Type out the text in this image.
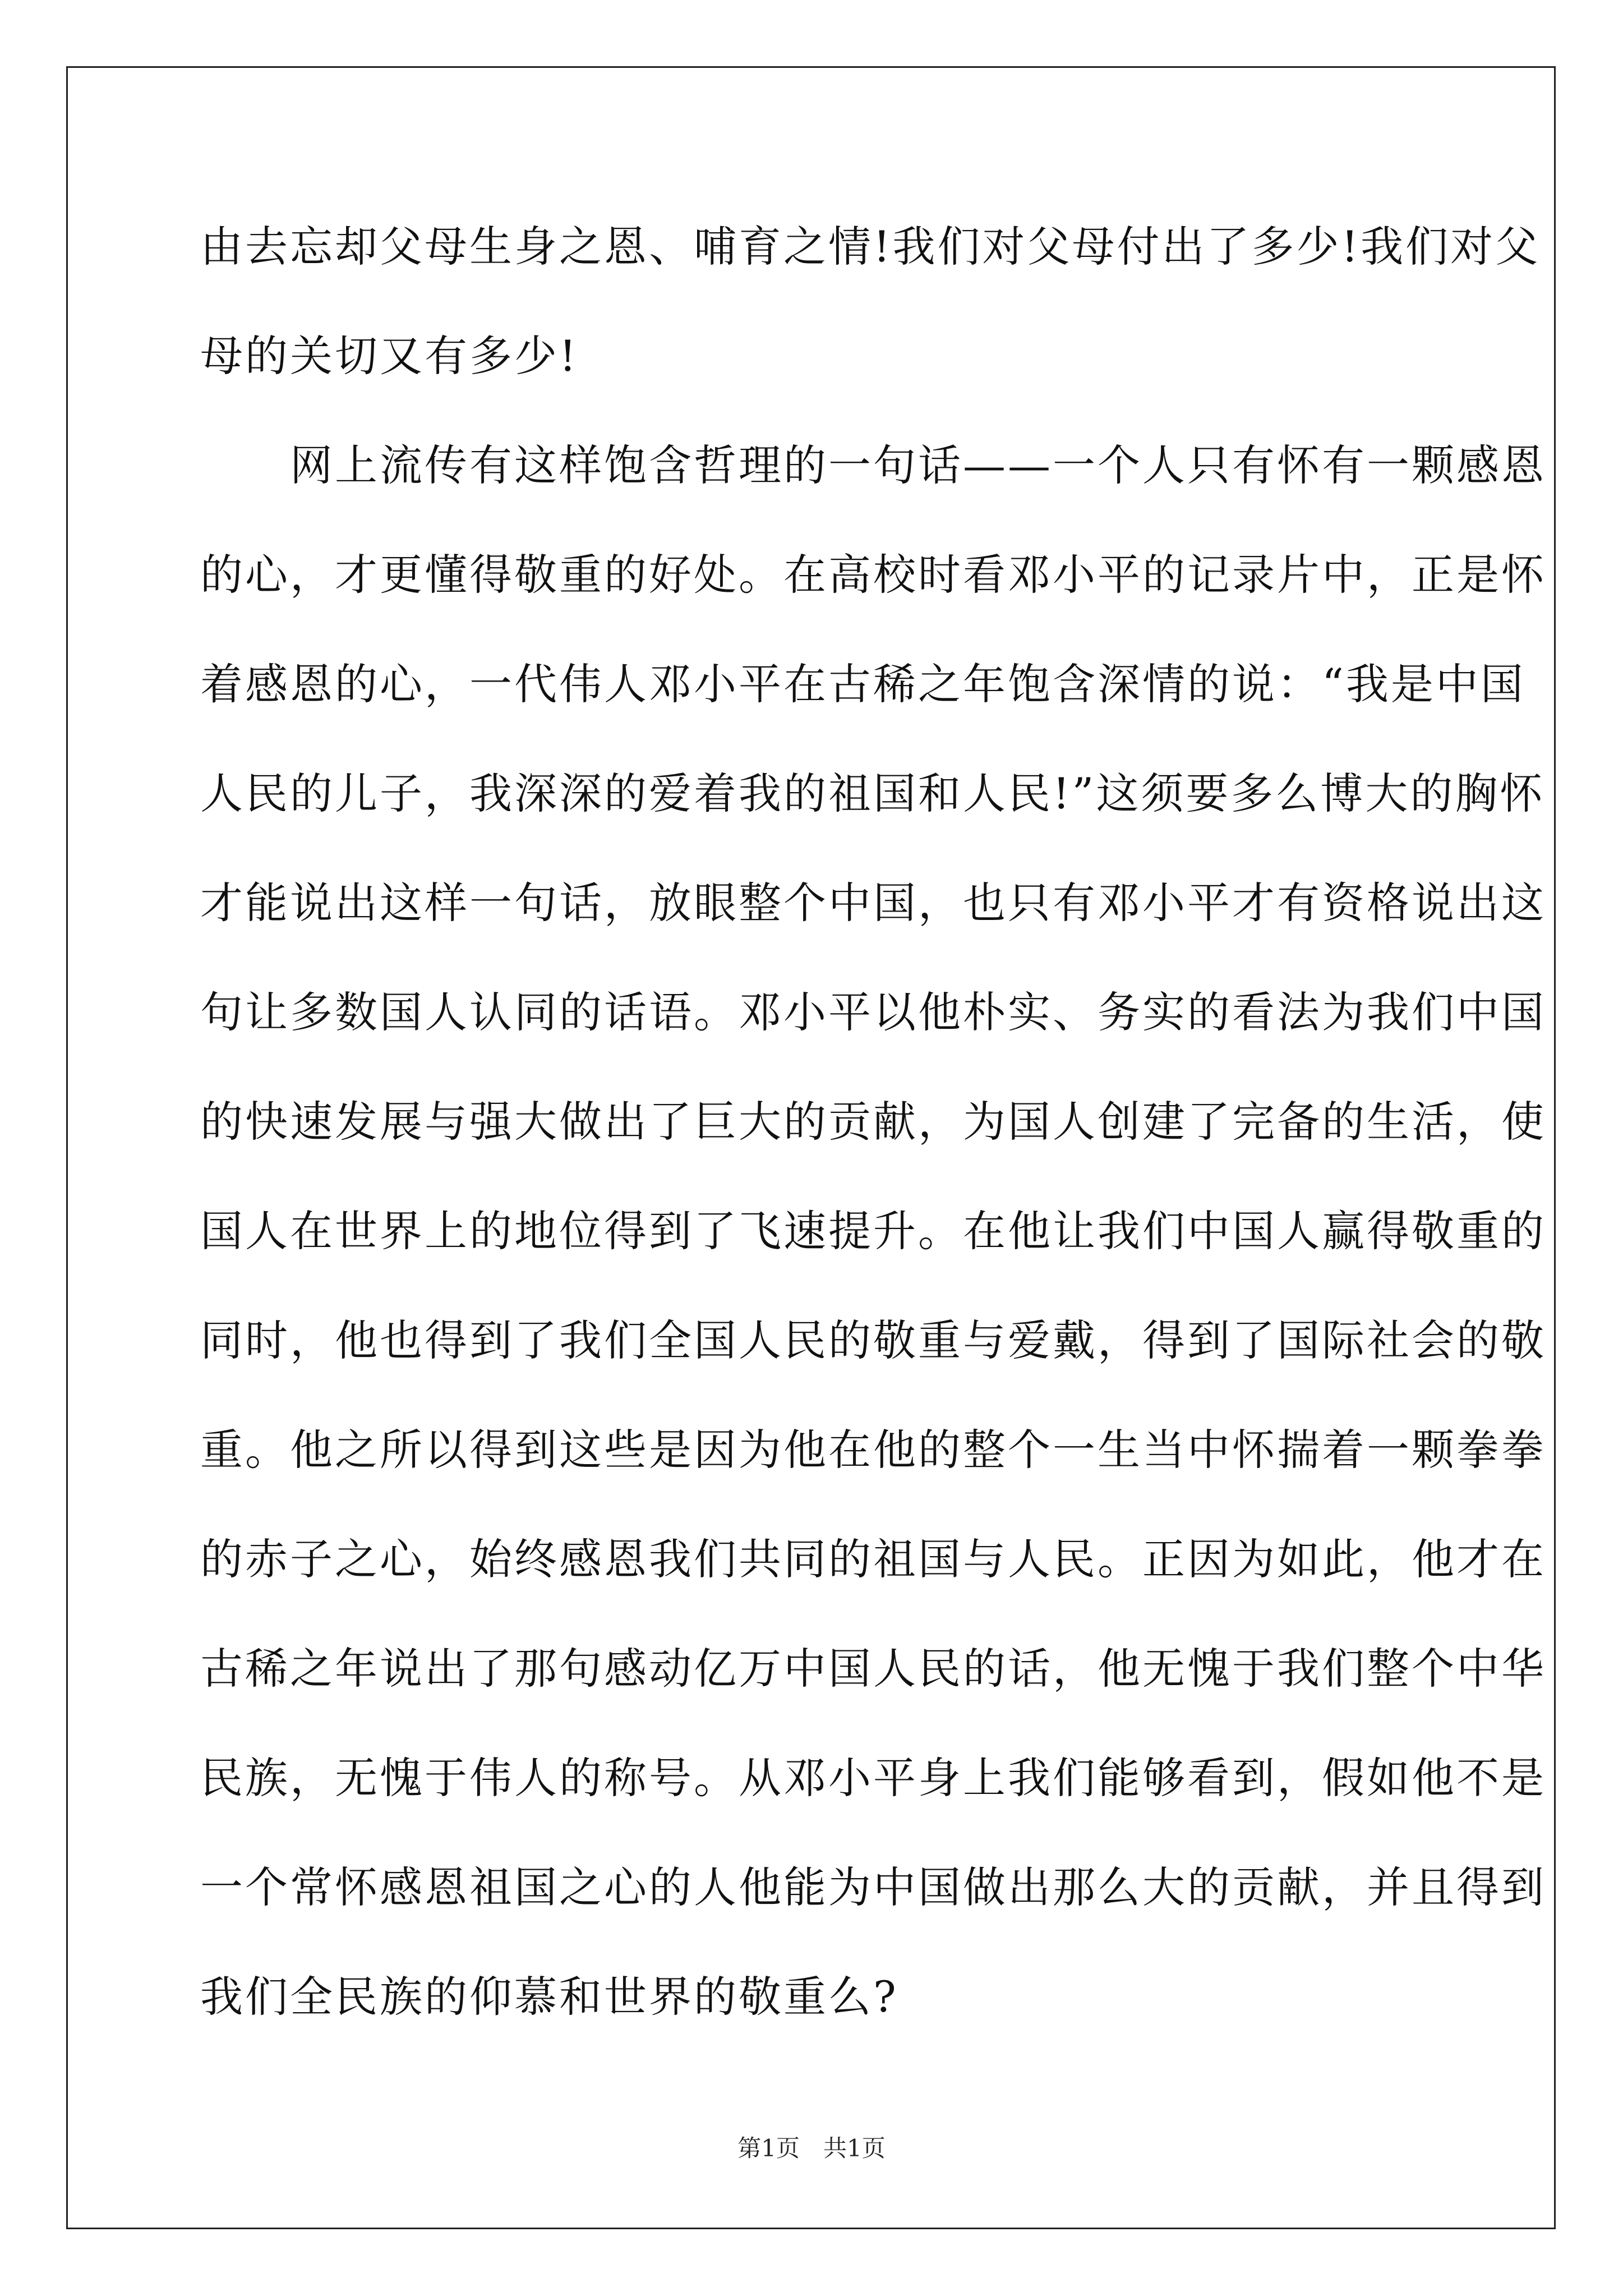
由去忘却父母生身之恩、哺育之情!我们对父母付出了多少!我们对父
母的关切又有多少!
　　网上流传有这样饱含哲理的一句话——一个人只有怀有一颗感恩
的心，才更懂得敬重的好处。在高校时看邓小平的记录片中，正是怀
着感恩的心，一代伟人邓小平在古稀之年饱含深情的说：“我是中国
人民的儿子，我深深的爱着我的祖国和人民!”这须要多么博大的胸怀
才能说出这样一句话，放眼整个中国，也只有邓小平才有资格说出这
句让多数国人认同的话语。邓小平以他朴实、务实的看法为我们中国
的快速发展与强大做出了巨大的贡献，为国人创建了完备的生活，使
国人在世界上的地位得到了飞速提升。在他让我们中国人赢得敬重的
同时，他也得到了我们全国人民的敬重与爱戴，得到了国际社会的敬
重。他之所以得到这些是因为他在他的整个一生当中怀揣着一颗拳拳
的赤子之心，始终感恩我们共同的祖国与人民。正因为如此，他才在
古稀之年说出了那句感动亿万中国人民的话，他无愧于我们整个中华
民族，无愧于伟人的称号。从邓小平身上我们能够看到，假如他不是
一个常怀感恩祖国之心的人他能为中国做出那么大的贡献，并且得到
我们全民族的仰慕和世界的敬重么?
第1页　共1页
